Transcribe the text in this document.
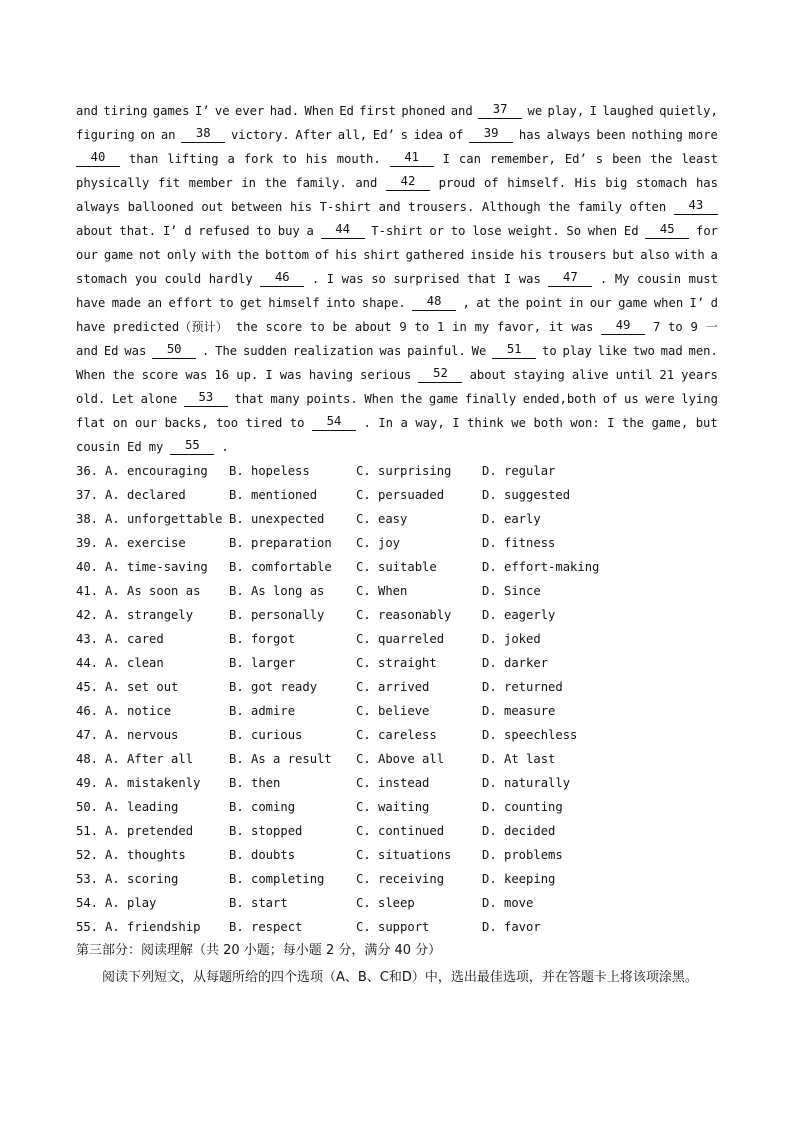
and tiring games I’ ve ever had. When Ed first phoned and	37	we play, I laughed quietly,
figuring on an	38	victory. After all, Ed’ s idea of	39	has always been nothing more
40	than lifting a fork to his mouth.	41	I can remember, Ed’ s been the least
physically fit member in the family. and	42	proud of himself. His big stomach has
always ballooned out between his T-shirt and trousers. Although the family often	43
about that. I’ d refused to buy a	44	T-shirt or to lose weight. So when Ed	45	for
our game not only with the bottom of his shirt gathered inside his trousers but also with a
stomach you could hardly	46	. I was so surprised that I was	47	. My cousin must
have made an effort to get himself into shape.	48	, at the point in our game when I’ d
have predicted（预计） the score to be about 9 to 1 in my favor, it was	49	7 to 9 一
and Ed was	50	. The sudden realization was painful. We	51	to play like two mad men.
When the score was 16 up. I was having serious	52	about staying alive until 21 years
old. Let alone	53	that many points. When the game finally ended,both of us were lying
flat on our backs, too tired to	54	. In a way, I think we both won: I the game, but
cousin Ed my	55	.
36. A. encouraging	B. hopeless	C. surprising	D. regular
37. A. declared	B. mentioned	C. persuaded	D. suggested
38. A. unforgettable B. unexpected	C. easy	D. early
39. A. exercise	B. preparation	C. joy	D. fitness
40. A. time-saving	B. comfortable	C. suitable	D. effort-making
41. A. As soon as	B. As long as	C. When	D. Since
42. A. strangely	B. personally	C. reasonably	D. eagerly
43. A. cared	B. forgot	C. quarreled	D. joked
44. A. clean	B. larger	C. straight	D. darker
45. A. set out	B. got ready	C. arrived	D. returned
46. A. notice	B. admire	C. believe	D. measure
47. A. nervous	B. curious	C. careless	D. speechless
48. A. After all	B. As a result	C. Above all	D. At last
49. A. mistakenly	B. then	C. instead	D. naturally
50. A. leading	B. coming	C. waiting	D. counting
51. A. pretended	B. stopped	C. continued	D. decided
52. A. thoughts	B. doubts	C. situations	D. problems
53. A. scoring	B. completing	C. receiving	D. keeping
54. A. play	B. start	C. sleep	D. move
55. A. friendship	B. respect	C. support	D. favor
第三部分：阅读理解（共 20 小题；每小题 2 分，满分 40 分）

阅读下列短文，从每题所给的四个选项（A、B、C和D）中，选出最佳选项，并在答题卡上将该项涂黑。
